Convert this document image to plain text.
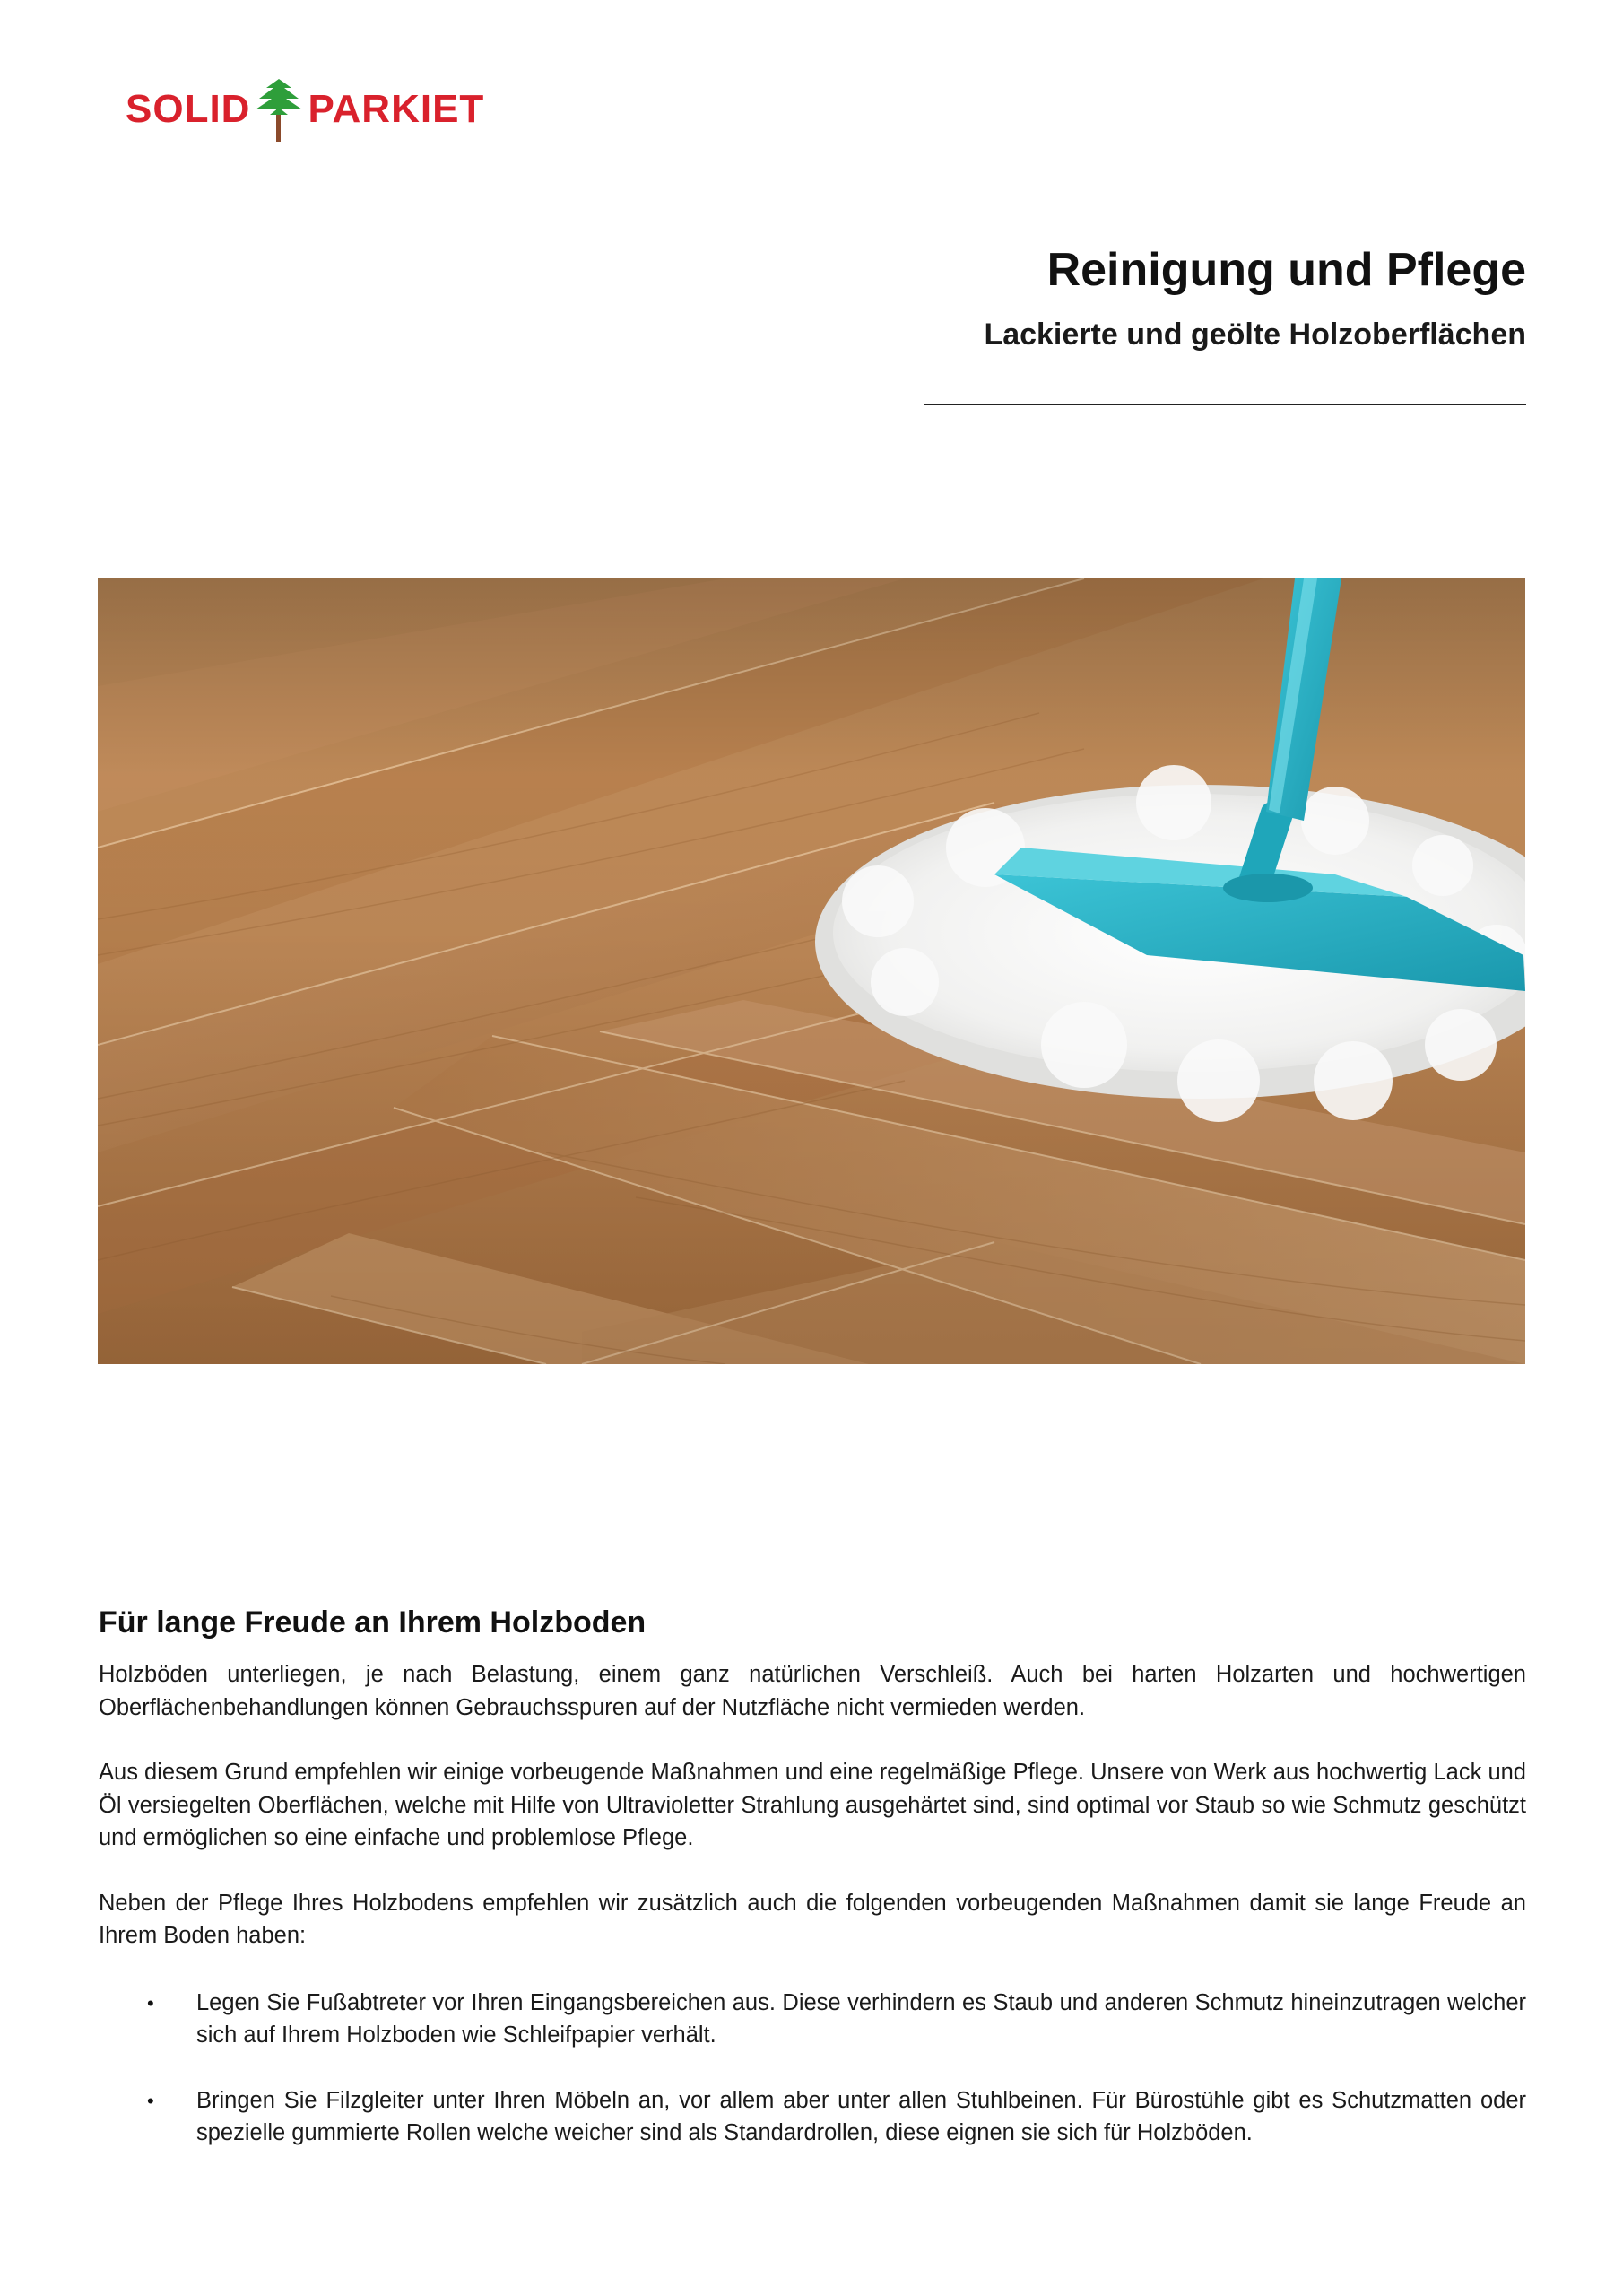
SOLID PARKIET
Reinigung und Pflege

Lackierte und geölte Holzoberflächen

Für lange Freude an Ihrem Holzboden

Holzböden unterliegen, je nach Belastung, einem ganz natürlichen Verschleiß. Auch bei harten Holzarten und hochwertigen Oberflächenbehandlungen können Gebrauchsspuren auf der Nutzfläche nicht vermieden werden.

Aus diesem Grund empfehlen wir einige vorbeugende Maßnahmen und eine regelmäßige Pflege. Unsere von Werk aus hochwertig Lack und Öl versiegelten Oberflächen, welche mit Hilfe von Ultravioletter Strahlung ausgehärtet sind, sind optimal vor Staub so wie Schmutz geschützt und ermöglichen so eine einfache und problemlose Pflege.

Neben der Pflege Ihres Holzbodens empfehlen wir zusätzlich auch die folgenden vorbeugenden Maßnahmen damit sie lange Freude an Ihrem Boden haben:

• Legen Sie Fußabtreter vor Ihren Eingangsbereichen aus. Diese verhindern es Staub und anderen Schmutz hineinzutragen welcher sich auf Ihrem Holzboden wie Schleifpapier verhält.
• Bringen Sie Filzgleiter unter Ihren Möbeln an, vor allem aber unter allen Stuhlbeinen. Für Bürostühle gibt es Schutzmatten oder spezielle gummierte Rollen welche weicher sind als Standardrollen, diese eignen sie sich für Holzböden.
